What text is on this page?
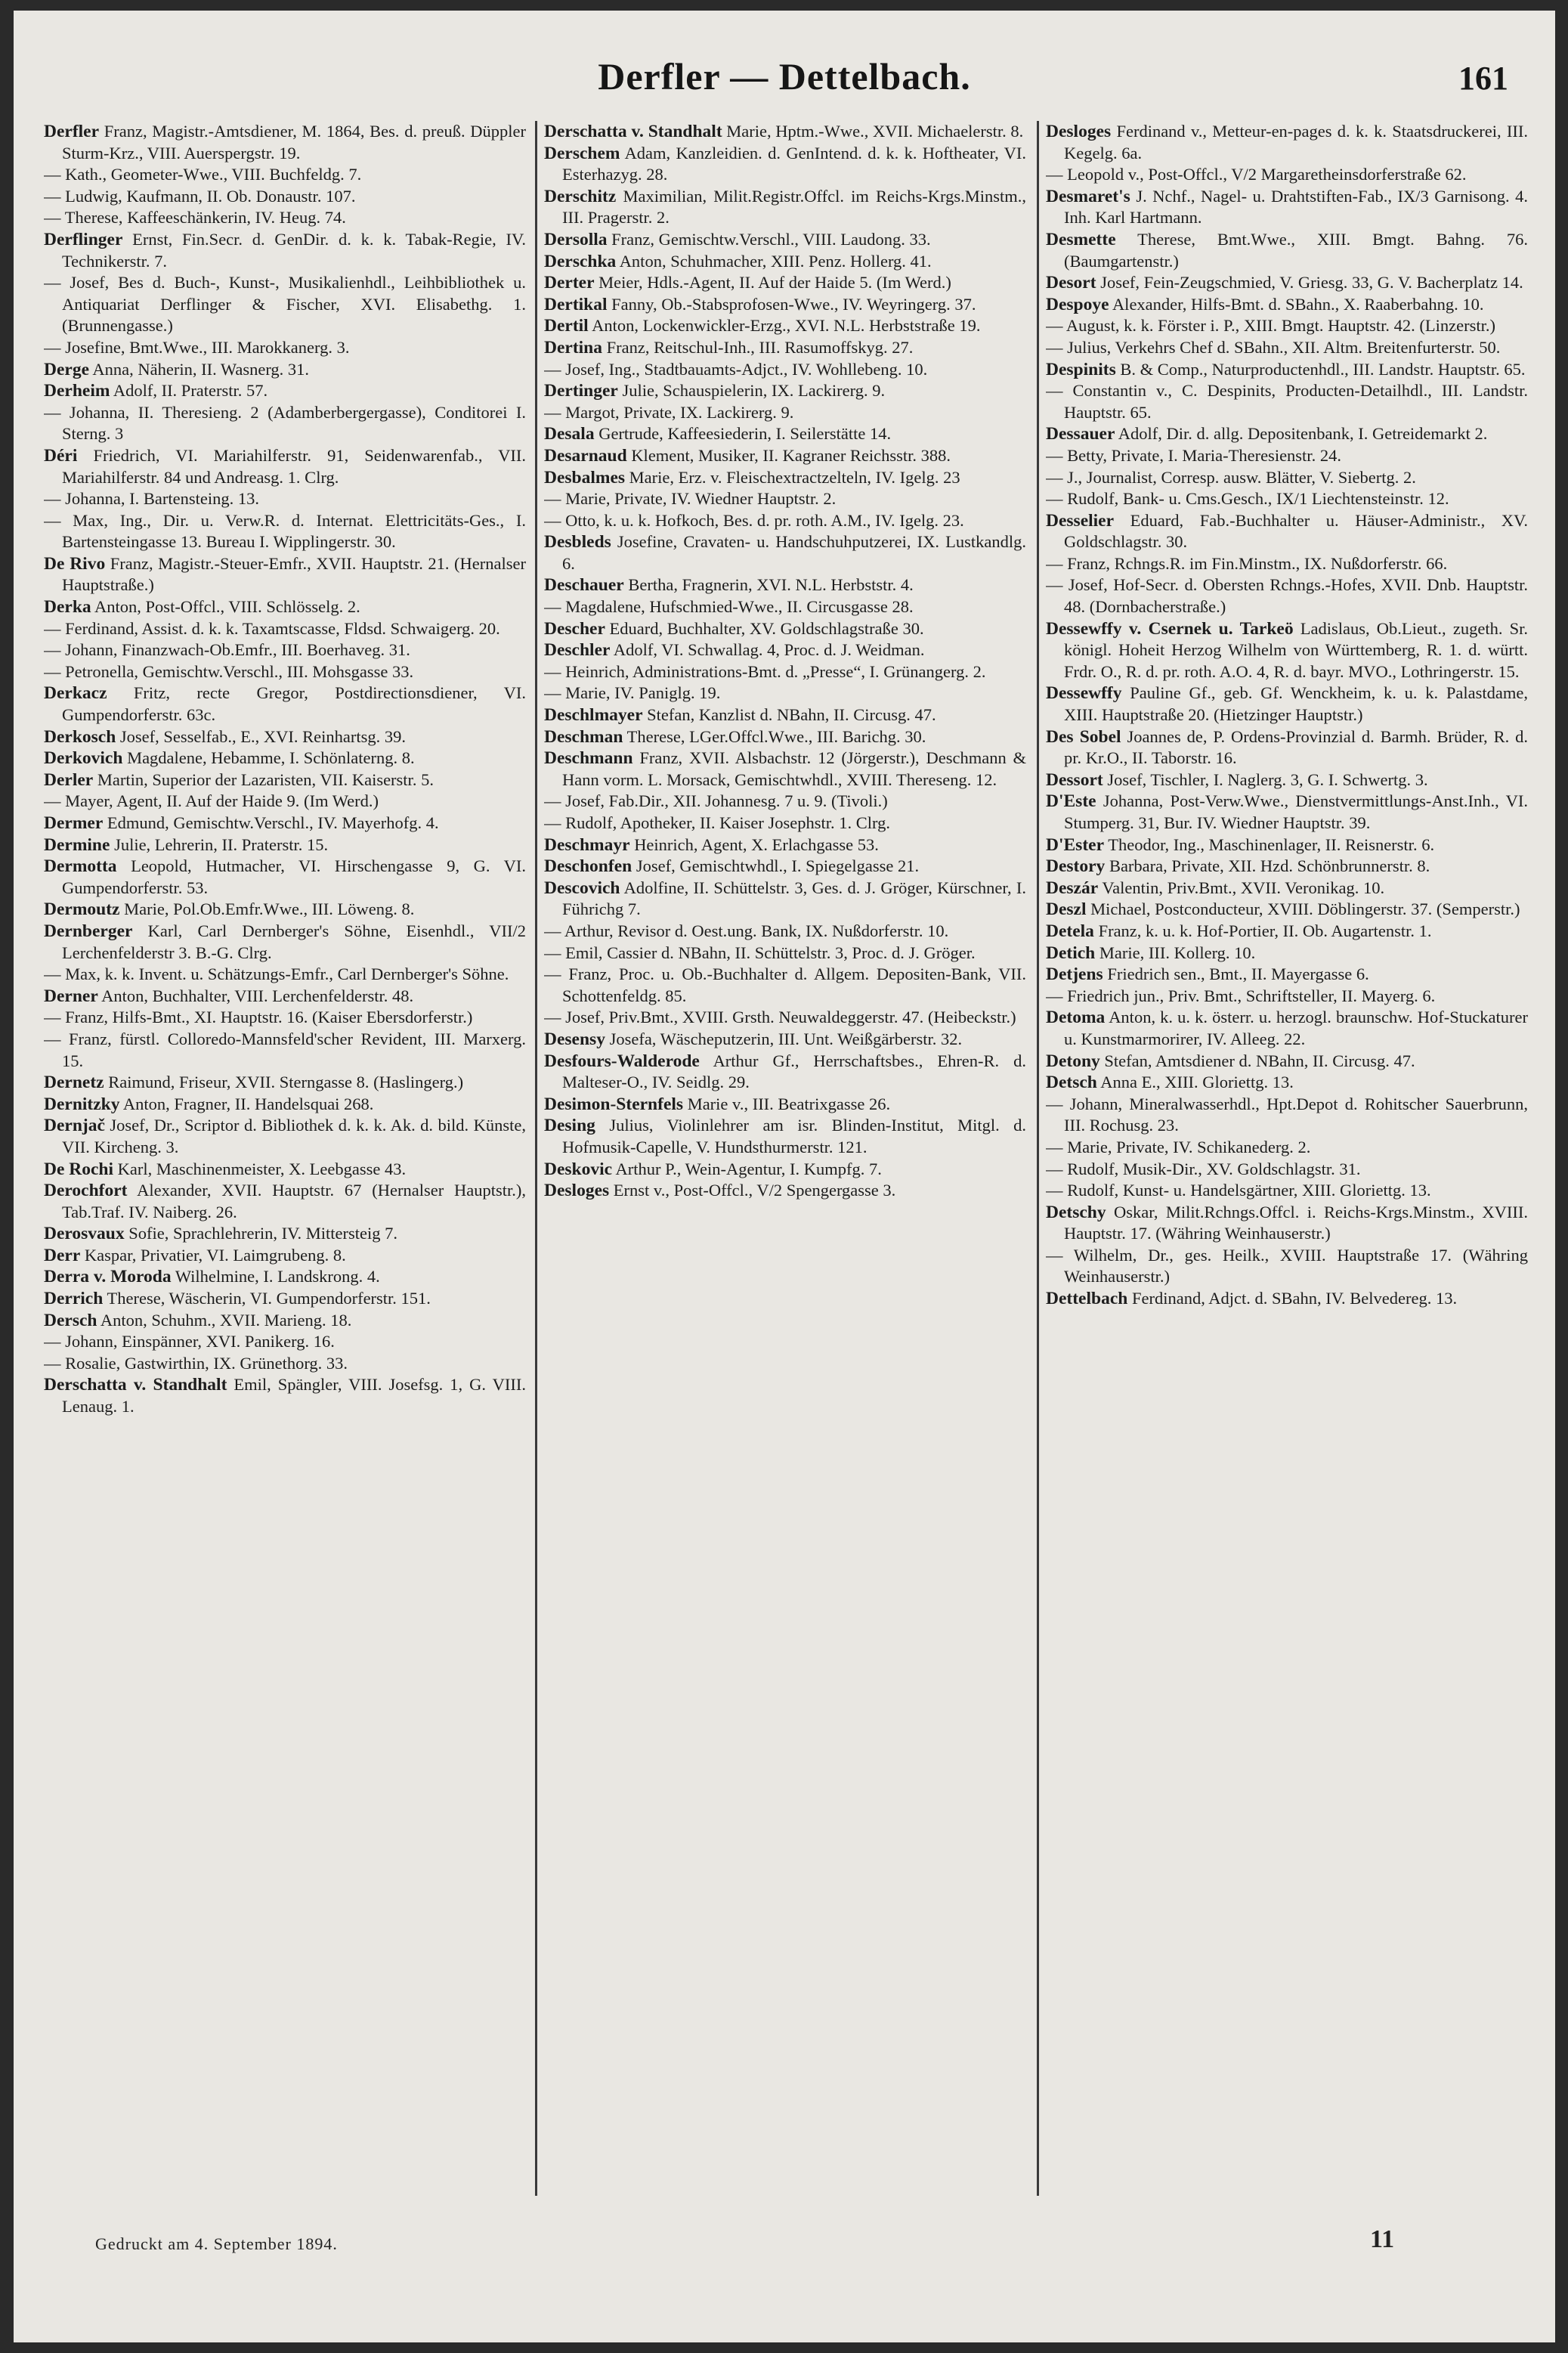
Derfler — Dettelbach.	161

Derfler Franz, Magistr.-Amtsdiener, M. 1864, Bes. d. preuß. Düppler Sturm-Krz., VIII. Auerspergstr. 19.

— Kath., Geometer-Wwe., VIII. Buchfeldg. 7.

— Ludwig, Kaufmann, II. Ob. Donaustr. 107.

— Therese, Kaffeeschänkerin, IV. Heug. 74.

Derflinger Ernst, Fin.Secr. d. GenDir. d. k. k. Tabak-Regie, IV. Technikerstr. 7.

— Josef, Bes d. Buch-, Kunst-, Musikalienhdl., Leihbibliothek u. Antiquariat Derflinger & Fischer, XVI. Elisabethg. 1. (Brunnengasse.)

— Josefine, Bmt.Wwe., III. Marokkanerg. 3.

Derge Anna, Näherin, II. Wasnerg. 31.

Derheim Adolf, II. Praterstr. 57.

— Johanna, II. Theresieng. 2 (Adamberbergergasse), Conditorei I. Sterng. 3

Déri Friedrich, VI. Mariahilferstr. 91, Seidenwarenfab., VII. Mariahilferstr. 84 und Andreasg. 1. Clrg.

— Johanna, I. Bartensteing. 13.

— Max, Ing., Dir. u. Verw.R. d. Internat. Elettricitäts-Ges., I. Bartensteingasse 13. Bureau I. Wipplingerstr. 30.

De Rivo Franz, Magistr.-Steuer-Emfr., XVII. Hauptstr. 21. (Hernalser Hauptstraße.)

Derka Anton, Post-Offcl., VIII. Schlösselg. 2.

— Ferdinand, Assist. d. k. k. Taxamtscasse, Fldsd. Schwaigerg. 20.

— Johann, Finanzwach-Ob.Emfr., III. Boerhaveg. 31.

— Petronella, Gemischtw.Verschl., III. Mohsgasse 33.

Derkacz Fritz, recte Gregor, Postdirectionsdiener, VI. Gumpendorferstr. 63c.

Derkosch Josef, Sesselfab., E., XVI. Reinhartsg. 39.

Derkovich Magdalene, Hebamme, I. Schönlaterng. 8.

Derler Martin, Superior der Lazaristen, VII. Kaiserstr. 5.

— Mayer, Agent, II. Auf der Haide 9. (Im Werd.)

Dermer Edmund, Gemischtw.Verschl., IV. Mayerhofg. 4.

Dermine Julie, Lehrerin, II. Praterstr. 15.

Dermotta Leopold, Hutmacher, VI. Hirschengasse 9, G. VI. Gumpendorferstr. 53.

Dermoutz Marie, Pol.Ob.Emfr.Wwe., III. Löweng. 8.

Dernberger Karl, Carl Dernberger's Söhne, Eisenhdl., VII/2 Lerchenfelderstr 3. B.-G. Clrg.

— Max, k. k. Invent. u. Schätzungs-Emfr., Carl Dernberger's Söhne.

Derner Anton, Buchhalter, VIII. Lerchenfelderstr. 48.

— Franz, Hilfs-Bmt., XI. Hauptstr. 16. (Kaiser Ebersdorferstr.)

— Franz, fürstl. Colloredo-Mannsfeld'scher Revident, III. Marxerg. 15.

Dernetz Raimund, Friseur, XVII. Sterngasse 8. (Haslingerg.)

Dernitzky Anton, Fragner, II. Handelsquai 268.

Dernjač Josef, Dr., Scriptor d. Bibliothek d. k. k. Ak. d. bild. Künste, VII. Kircheng. 3.

De Rochi Karl, Maschinenmeister, X. Leebgasse 43.

Derochfort Alexander, XVII. Hauptstr. 67 (Hernalser Hauptstr.), Tab.Traf. IV. Naiberg. 26.

Derosvaux Sofie, Sprachlehrerin, IV. Mittersteig 7.

Derr Kaspar, Privatier, VI. Laimgrubeng. 8.

Derra v. Moroda Wilhelmine, I. Landskrong. 4.

Derrich Therese, Wäscherin, VI. Gumpendorferstr. 151.

Dersch Anton, Schuhm., XVII. Marieng. 18.

— Johann, Einspänner, XVI. Panikerg. 16.

— Rosalie, Gastwirthin, IX. Grünethorg. 33.

Derschatta v. Standhalt Emil, Spängler, VIII. Josefsg. 1, G. VIII. Lenaug. 1.

Derschatta v. Standhalt Marie, Hptm.-Wwe., XVII. Michaelerstr. 8.

Derschem Adam, Kanzleidien. d. GenIntend. d. k. k. Hoftheater, VI. Esterhazyg. 28.

Derschitz Maximilian, Milit.Registr.Offcl. im Reichs-Krgs.Minstm., III. Pragerstr. 2.

Dersolla Franz, Gemischtw.Verschl., VIII. Laudong. 33.

Derschka Anton, Schuhmacher, XIII. Penz. Hollerg. 41.

Derter Meier, Hdls.-Agent, II. Auf der Haide 5. (Im Werd.)

Dertikal Fanny, Ob.-Stabsprofosen-Wwe., IV. Weyringerg. 37.

Dertil Anton, Lockenwickler-Erzg., XVI. N.L. Herbststraße 19.

Dertina Franz, Reitschul-Inh., III. Rasumoffskyg. 27.

— Josef, Ing., Stadtbauamts-Adjct., IV. Wohllebeng. 10.

Dertinger Julie, Schauspielerin, IX. Lackirerg. 9.

— Margot, Private, IX. Lackirerg. 9.

Desala Gertrude, Kaffeesiederin, I. Seilerstätte 14.

Desarnaud Klement, Musiker, II. Kagraner Reichsstr. 388.

Desbalmes Marie, Erz. v. Fleischextractzelteln, IV. Igelg. 23

— Marie, Private, IV. Wiedner Hauptstr. 2.

— Otto, k. u. k. Hofkoch, Bes. d. pr. roth. A.M., IV. Igelg. 23.

Desbleds Josefine, Cravaten- u. Handschuhputzerei, IX. Lustkandlg. 6.

Deschauer Bertha, Fragnerin, XVI. N.L. Herbststr. 4.

— Magdalene, Hufschmied-Wwe., II. Circusgasse 28.

Descher Eduard, Buchhalter, XV. Goldschlagstraße 30.

Deschler Adolf, VI. Schwallag. 4, Proc. d. J. Weidman.

— Heinrich, Administrations-Bmt. d. „Presse“, I. Grünangerg. 2.

— Marie, IV. Paniglg. 19.

Deschlmayer Stefan, Kanzlist d. NBahn, II. Circusg. 47.

Deschman Therese, LGer.Offcl.Wwe., III. Barichg. 30.

Deschmann Franz, XVII. Alsbachstr. 12 (Jörgerstr.), Deschmann & Hann vorm. L. Morsack, Gemischtwhdl., XVIII. Thereseng. 12.

— Josef, Fab.Dir., XII. Johannesg. 7 u. 9. (Tivoli.)

— Rudolf, Apotheker, II. Kaiser Josephstr. 1. Clrg.

Deschmayr Heinrich, Agent, X. Erlachgasse 53.

Deschonfen Josef, Gemischtwhdl., I. Spiegelgasse 21.

Descovich Adolfine, II. Schüttelstr. 3, Ges. d. J. Gröger, Kürschner, I. Führichg 7.

— Arthur, Revisor d. Oest.ung. Bank, IX. Nußdorferstr. 10.

— Emil, Cassier d. NBahn, II. Schüttelstr. 3, Proc. d. J. Gröger.

— Franz, Proc. u. Ob.-Buchhalter d. Allgem. Depositen-Bank, VII. Schottenfeldg. 85.

— Josef, Priv.Bmt., XVIII. Grsth. Neuwaldeggerstr. 47. (Heibeckstr.)

Desensy Josefa, Wäscheputzerin, III. Unt. Weißgärberstr. 32.

Desfours-Walderode Arthur Gf., Herrschaftsbes., Ehren-R. d. Malteser-O., IV. Seidlg. 29.

Desimon-Sternfels Marie v., III. Beatrixgasse 26.

Desing Julius, Violinlehrer am isr. Blinden-Institut, Mitgl. d. Hofmusik-Capelle, V. Hundsthurmerstr. 121.

Deskovic Arthur P., Wein-Agentur, I. Kumpfg. 7.

Desloges Ernst v., Post-Offcl., V/2 Spengergasse 3.

Desloges Ferdinand v., Metteur-en-pages d. k. k. Staatsdruckerei, III. Kegelg. 6a.

— Leopold v., Post-Offcl., V/2 Margaretheinsdorferstraße 62.

Desmaret's J. Nchf., Nagel- u. Drahtstiften-Fab., IX/3 Garnisong. 4. Inh. Karl Hartmann.

Desmette Therese, Bmt.Wwe., XIII. Bmgt. Bahng. 76. (Baumgartenstr.)

Desort Josef, Fein-Zeugschmied, V. Griesg. 33, G. V. Bacherplatz 14.

Despoye Alexander, Hilfs-Bmt. d. SBahn., X. Raaberbahng. 10.

— August, k. k. Förster i. P., XIII. Bmgt. Hauptstr. 42. (Linzerstr.)

— Julius, Verkehrs Chef d. SBahn., XII. Altm. Breitenfurterstr. 50.

Despinits B. & Comp., Naturproductenhdl., III. Landstr. Hauptstr. 65.

— Constantin v., C. Despinits, Producten-Detailhdl., III. Landstr. Hauptstr. 65.

Dessauer Adolf, Dir. d. allg. Depositenbank, I. Getreidemarkt 2.

— Betty, Private, I. Maria-Theresienstr. 24.

— J., Journalist, Corresp. ausw. Blätter, V. Siebertg. 2.

— Rudolf, Bank- u. Cms.Gesch., IX/1 Liechtensteinstr. 12.

Desselier Eduard, Fab.-Buchhalter u. Häuser-Administr., XV. Goldschlagstr. 30.

— Franz, Rchngs.R. im Fin.Minstm., IX. Nußdorferstr. 66.

— Josef, Hof-Secr. d. Obersten Rchngs.-Hofes, XVII. Dnb. Hauptstr. 48. (Dornbacherstraße.)

Dessewffy v. Csernek u. Tarkeö Ladislaus, Ob.Lieut., zugeth. Sr. königl. Hoheit Herzog Wilhelm von Württemberg, R. 1. d. württ. Frdr. O., R. d. pr. roth. A.O. 4, R. d. bayr. MVO., Lothringerstr. 15.

Dessewffy Pauline Gf., geb. Gf. Wenckheim, k. u. k. Palastdame, XIII. Hauptstraße 20. (Hietzinger Hauptstr.)

Des Sobel Joannes de, P. Ordens-Provinzial d. Barmh. Brüder, R. d. pr. Kr.O., II. Taborstr. 16.

Dessort Josef, Tischler, I. Naglerg. 3, G. I. Schwertg. 3.

D'Este Johanna, Post-Verw.Wwe., Dienstvermittlungs-Anst.Inh., VI. Stumperg. 31, Bur. IV. Wiedner Hauptstr. 39.

D'Ester Theodor, Ing., Maschinenlager, II. Reisnerstr. 6.

Destory Barbara, Private, XII. Hzd. Schönbrunnerstr. 8.

Deszár Valentin, Priv.Bmt., XVII. Veronikag. 10.

Deszl Michael, Postconducteur, XVIII. Döblingerstr. 37. (Semperstr.)

Detela Franz, k. u. k. Hof-Portier, II. Ob. Augartenstr. 1.

Detich Marie, III. Kollerg. 10.

Detjens Friedrich sen., Bmt., II. Mayergasse 6.

— Friedrich jun., Priv. Bmt., Schriftsteller, II. Mayerg. 6.

Detoma Anton, k. u. k. österr. u. herzogl. braunschw. Hof-Stuckaturer u. Kunstmarmorirer, IV. Alleeg. 22.

Detony Stefan, Amtsdiener d. NBahn, II. Circusg. 47.

Detsch Anna E., XIII. Gloriettg. 13.

— Johann, Mineralwasserhdl., Hpt.Depot d. Rohitscher Sauerbrunn, III. Rochusg. 23.

— Marie, Private, IV. Schikanederg. 2.

— Rudolf, Musik-Dir., XV. Goldschlagstr. 31.

— Rudolf, Kunst- u. Handelsgärtner, XIII. Gloriettg. 13.

Detschy Oskar, Milit.Rchngs.Offcl. i. Reichs-Krgs.Minstm., XVIII. Hauptstr. 17. (Währing Weinhauserstr.)

— Wilhelm, Dr., ges. Heilk., XVIII. Hauptstraße 17. (Währing Weinhauserstr.)

Dettelbach Ferdinand, Adjct. d. SBahn, IV. Belvedereg. 13.

Gedruckt am 4. September 1894.	11
